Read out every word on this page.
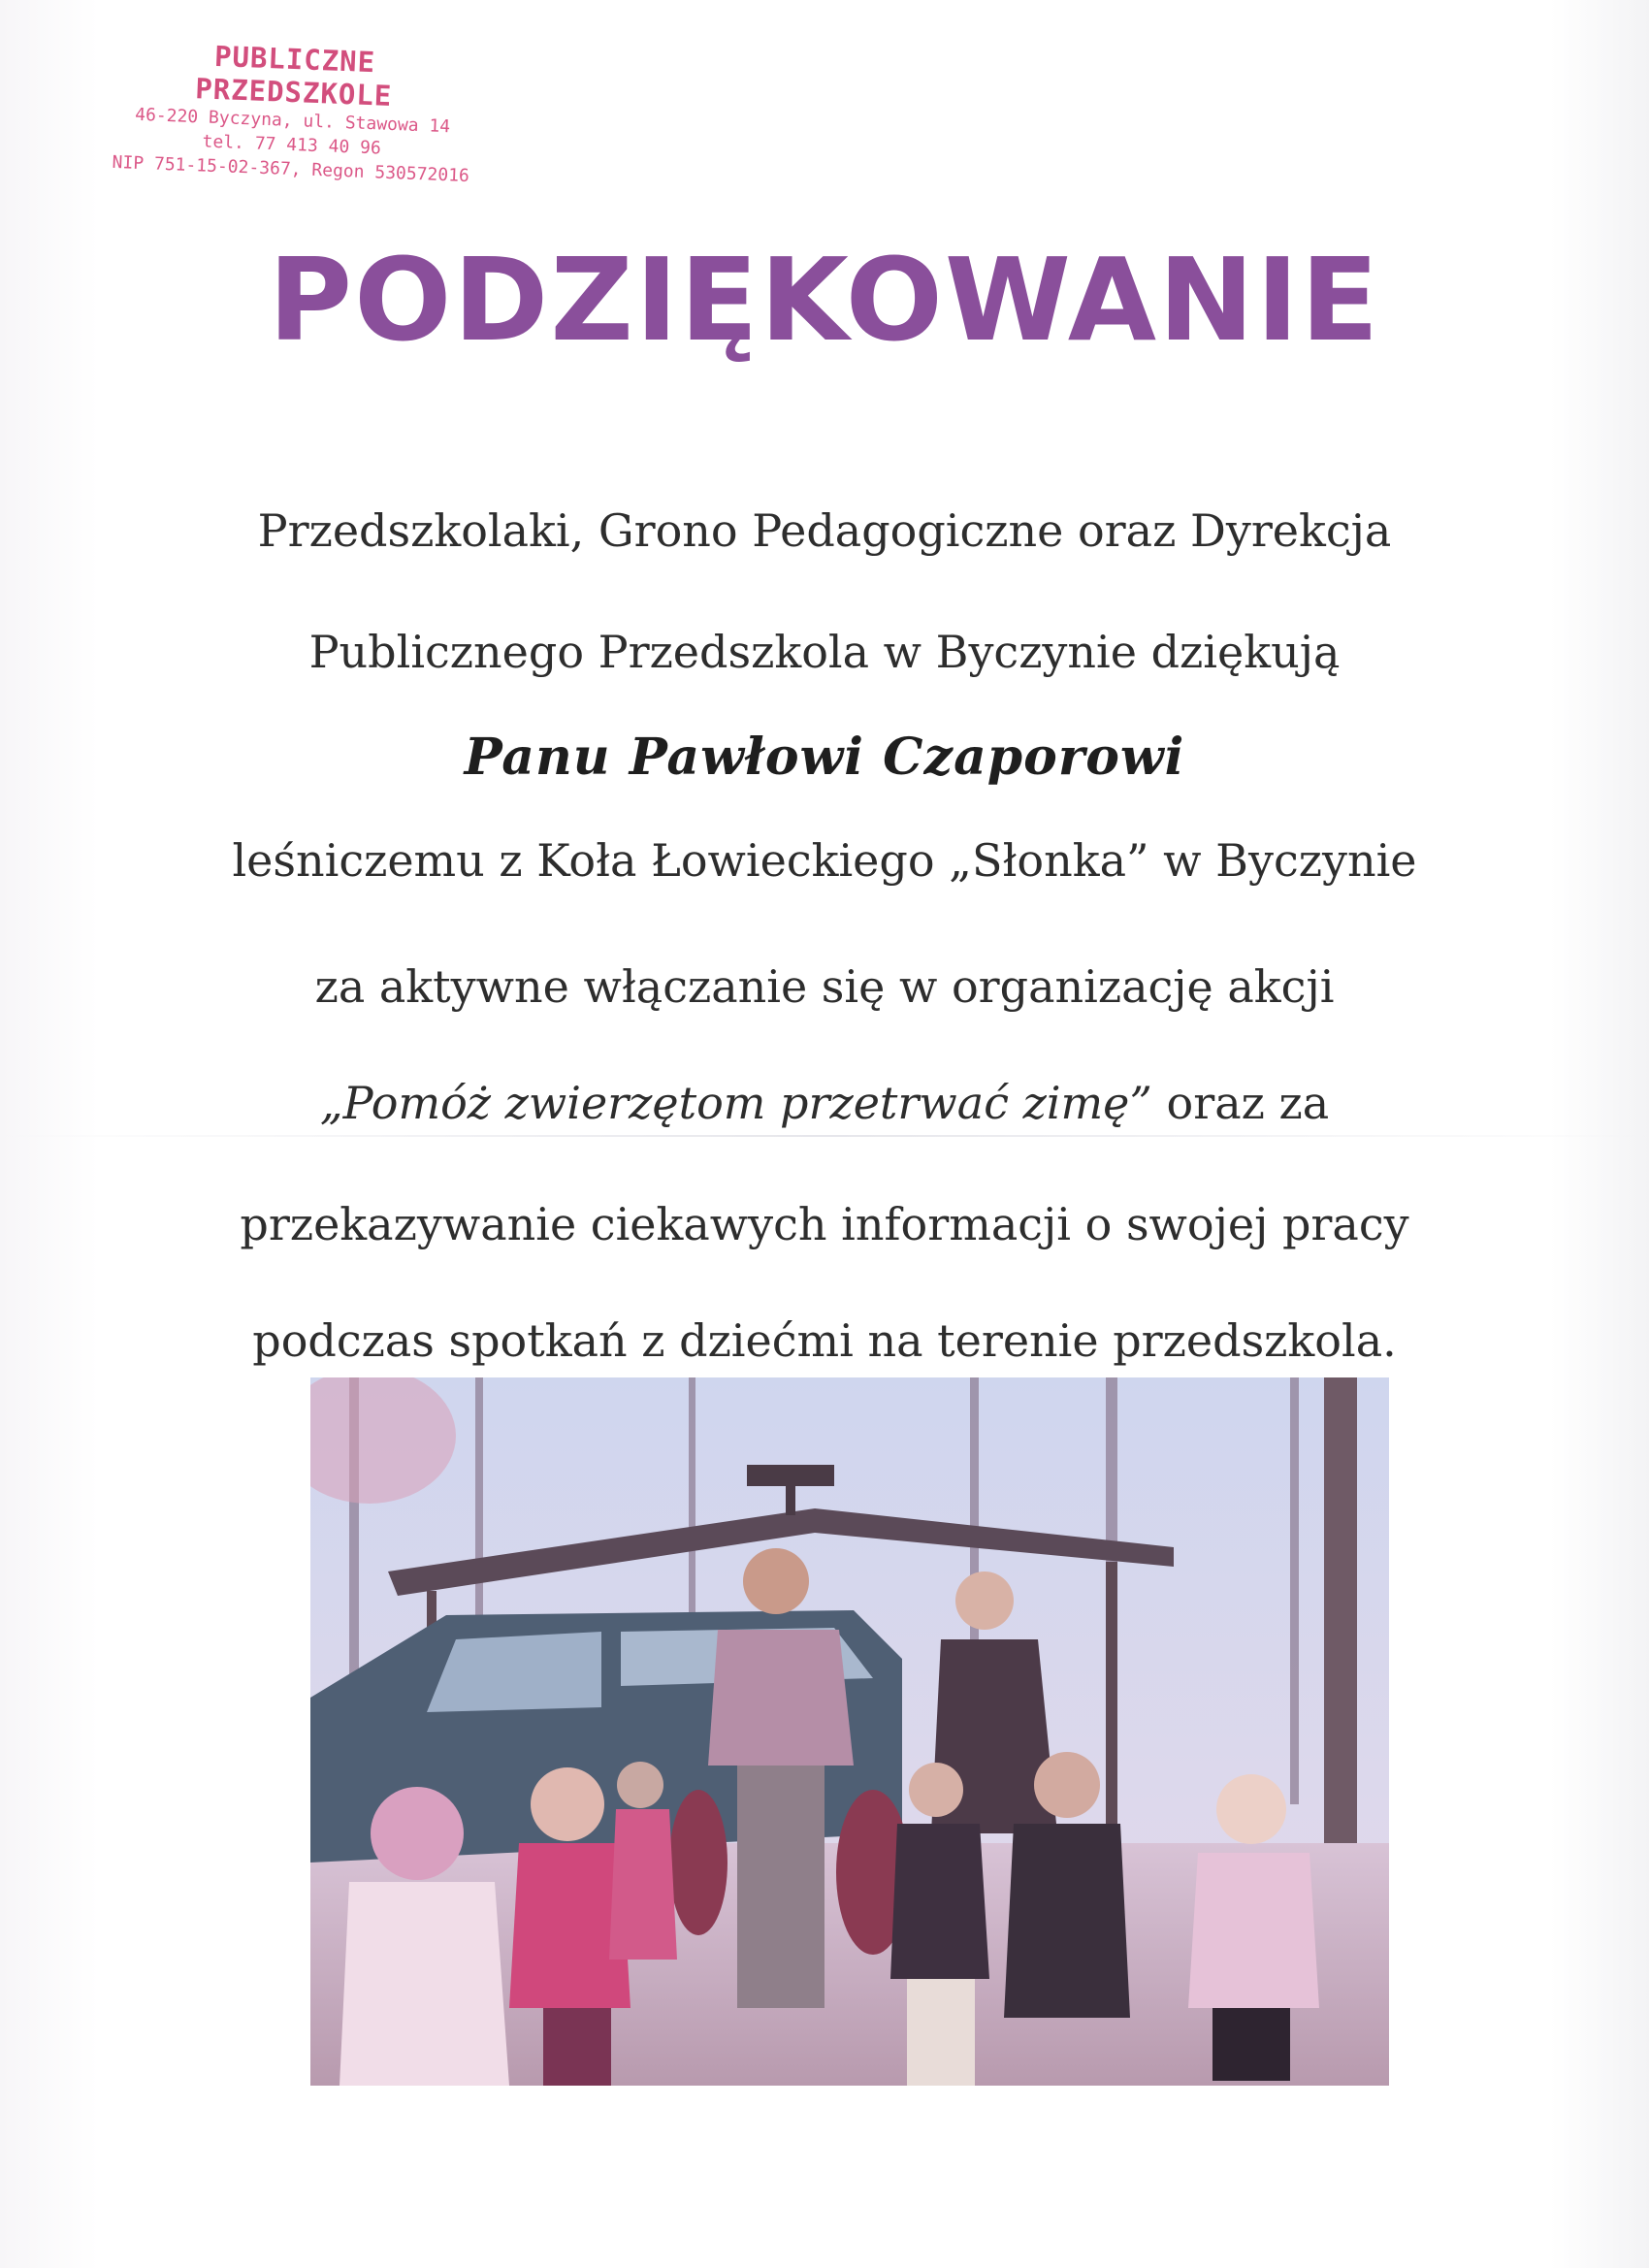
PUBLICZNE PRZEDSZKOLE
46-220 Byczyna, ul. Stawowa 14
tel. 77 413 40 96
NIP 751-15-02-367, Regon 530572016
PODZIĘKOWANIE
Przedszkolaki, Grono Pedagogiczne oraz Dyrekcja
Publicznego Przedszkola w Byczynie dziękują
Panu Pawłowi Czaporowi
leśniczemu z Koła Łowieckiego „Słonka” w Byczynie
za aktywne włączanie się w organizację akcji
„Pomóż zwierzętom przetrwać zimę” oraz za
przekazywanie ciekawych informacji o swojej pracy
podczas spotkań z dziećmi na terenie przedszkola.
